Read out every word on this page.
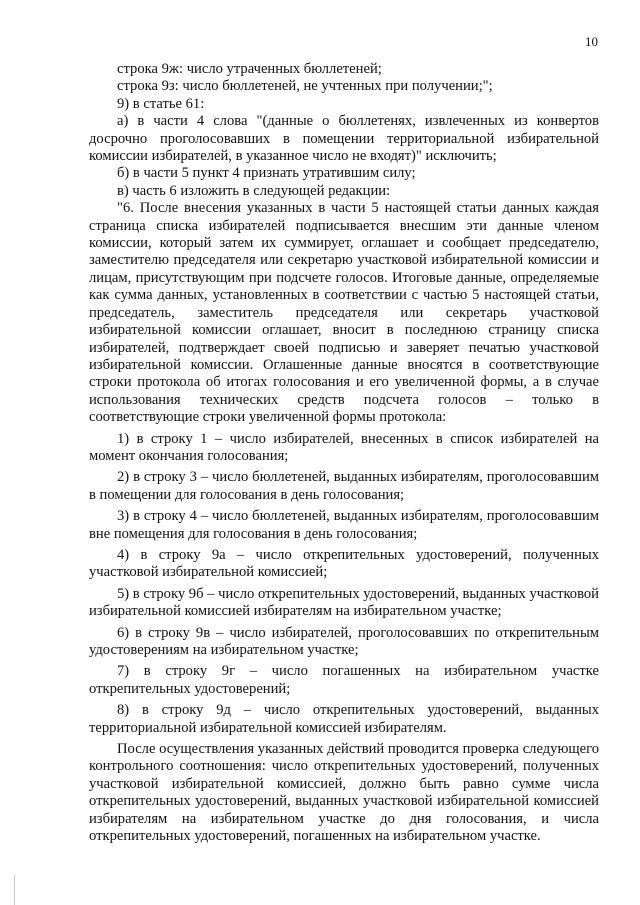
10

строка 9ж: число утраченных бюллетеней;

строка 9з: число бюллетеней, не учтенных при получении;";

9) в статье 61:

а) в части 4 слова "(данные о бюллетенях, извлеченных из конвертов досрочно проголосовавших в помещении территориальной избирательной комиссии избирателей, в указанное число не входят)" исключить;

б) в части 5 пункт 4 признать утратившим силу;

в) часть 6 изложить в следующей редакции:

"6. После внесения указанных в части 5 настоящей статьи данных каждая страница списка избирателей подписывается внесшим эти данные членом комиссии, который затем их суммирует, оглашает и сообщает председателю, заместителю председателя или секретарю участковой избирательной комиссии и лицам, присутствующим при подсчете голосов. Итоговые данные, определяемые как сумма данных, установленных в соответствии с частью 5 настоящей статьи, председатель, заместитель председателя или секретарь участковой избирательной комиссии оглашает, вносит в последнюю страницу списка избирателей, подтверждает своей подписью и заверяет печатью участковой избирательной комиссии. Оглашенные данные вносятся в соответствующие строки протокола об итогах голосования и его увеличенной формы, а в случае использования технических средств подсчета голосов – только в соответствующие строки увеличенной формы протокола:

1) в строку 1 – число избирателей, внесенных в список избирателей на момент окончания голосования;

2) в строку 3 – число бюллетеней, выданных избирателям, проголосовавшим в помещении для голосования в день голосования;

3) в строку 4 – число бюллетеней, выданных избирателям, проголосовавшим вне помещения для голосования в день голосования;

4) в строку 9а – число открепительных удостоверений, полученных участковой избирательной комиссией;

5) в строку 9б – число открепительных удостоверений, выданных участковой избирательной комиссией избирателям на избирательном участке;

6) в строку 9в – число избирателей, проголосовавших по открепительным удостоверениям на избирательном участке;

7) в строку 9г – число погашенных на избирательном участке открепительных удостоверений;

8) в строку 9д – число открепительных удостоверений, выданных территориальной избирательной комиссией избирателям.

После осуществления указанных действий проводится проверка следующего контрольного соотношения: число открепительных удостоверений, полученных участковой избирательной комиссией, должно быть равно сумме числа открепительных удостоверений, выданных участковой избирательной комиссией избирателям на избирательном участке до дня голосования, и числа открепительных удостоверений, погашенных на избирательном участке.
